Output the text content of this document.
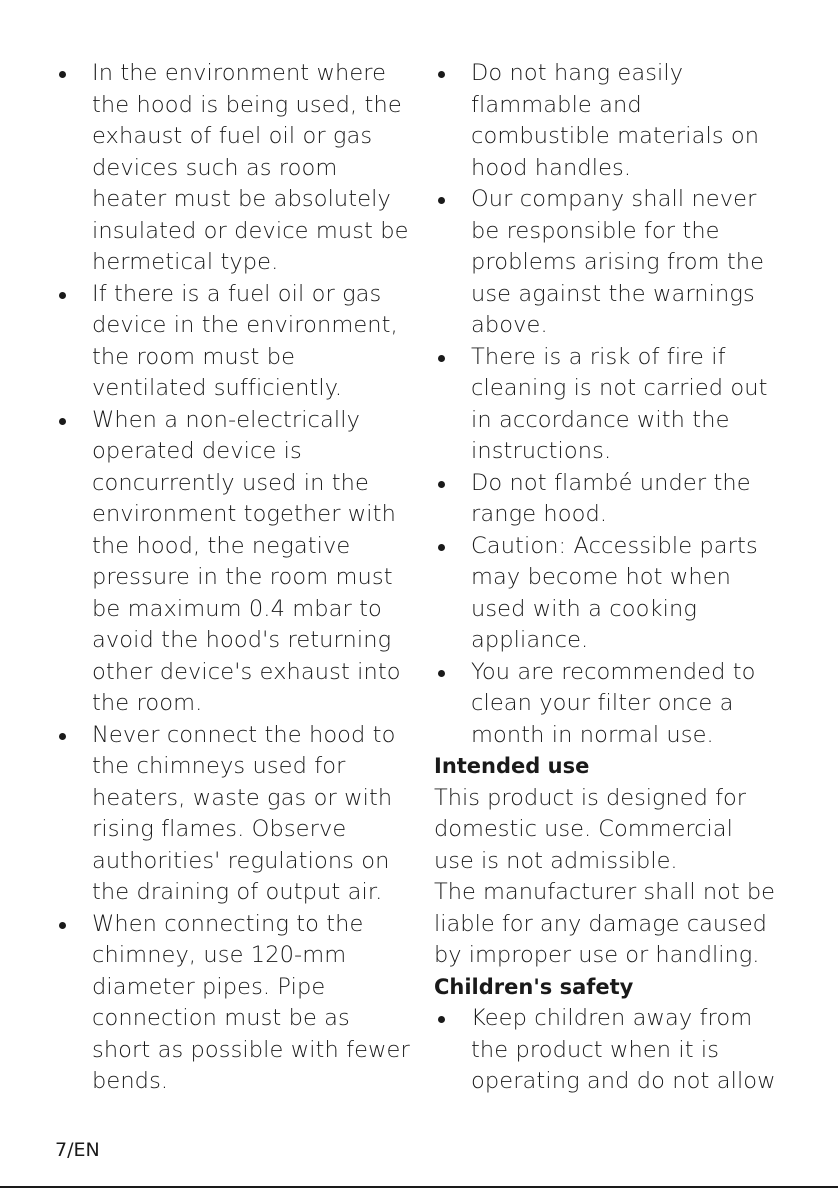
In the environment where the hood is being used, the exhaust of fuel oil or gas devices such as room heater must be absolutely insulated or device must be hermetical type.
If there is a fuel oil or gas device in the environment, the room must be ventilated sufficiently.
When a non-electrically operated device is concurrently used in the environment together with the hood, the negative pressure in the room must be maximum 0.4 mbar to avoid the hood's returning other device's exhaust into the room.
Never connect the hood to the chimneys used for heaters, waste gas or with rising flames. Observe authorities' regulations on the draining of output air.
When connecting to the chimney, use 120-mm diameter pipes. Pipe connection must be as short as possible with fewer bends.
Do not hang easily flammable and combustible materials on hood handles.
Our company shall never be responsible for the problems arising from the use against the warnings above.
There is a risk of fire if cleaning is not carried out in accordance with the instructions.
Do not flambé under the range hood.
Caution: Accessible parts may become hot when used with a cooking appliance.
You are recommended to clean your filter once a month in normal use.
Intended use

This product is designed for domestic use. Commercial use is not admissible.

The manufacturer shall not be liable for any damage caused by improper use or handling.

Children's safety
Keep children away from the product when it is operating and do not allow
7/EN
